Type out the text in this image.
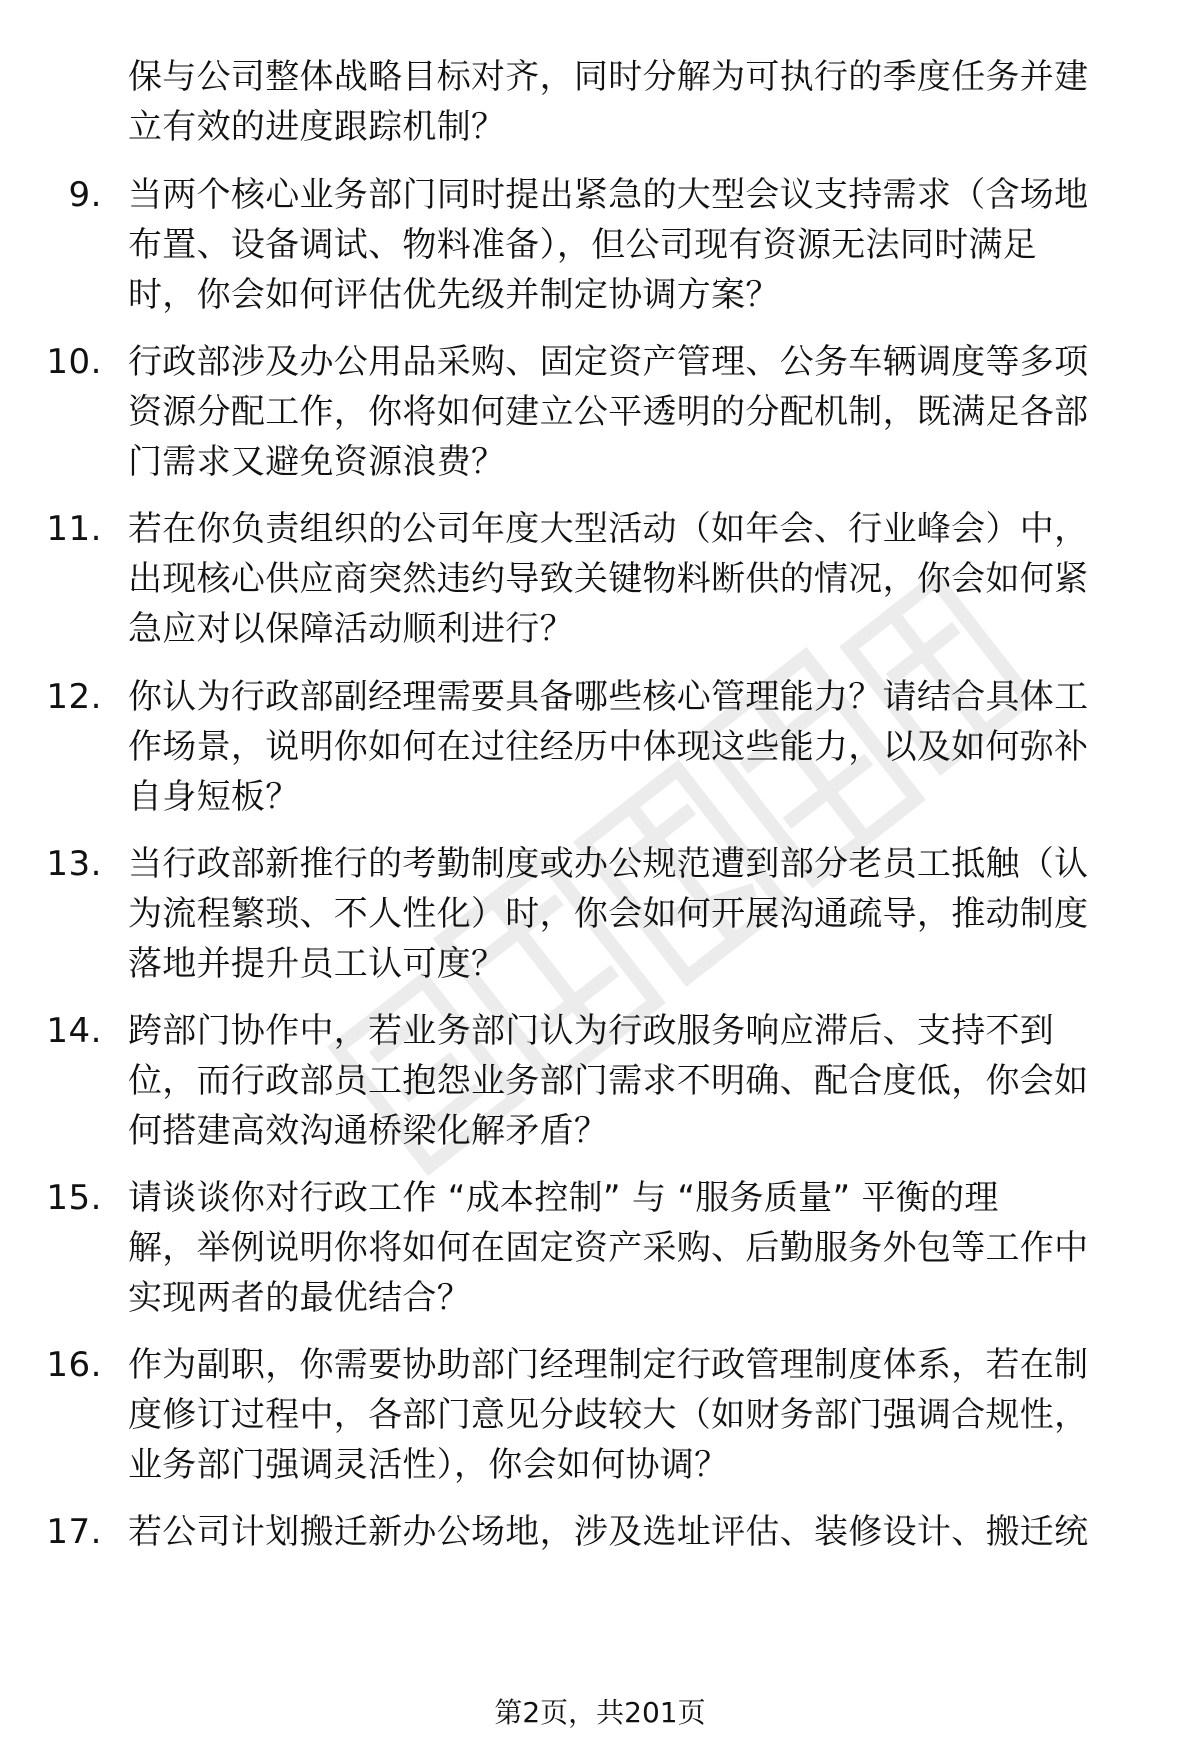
保与公司整体战略目标对齐，同时分解为可执行的季度任务并建
立有效的进度跟踪机制？
9. 当两个核心业务部门同时提出紧急的大型会议支持需求（含场地
布置、设备调试、物料准备），但公司现有资源无法同时满足
时，你会如何评估优先级并制定协调方案？
10. 行政部涉及办公用品采购、固定资产管理、公务车辆调度等多项
资源分配工作，你将如何建立公平透明的分配机制，既满足各部
门需求又避免资源浪费？
11. 若在你负责组织的公司年度大型活动（如年会、行业峰会）中，
出现核心供应商突然违约导致关键物料断供的情况，你会如何紧
急应对以保障活动顺利进行？
12. 你认为行政部副经理需要具备哪些核心管理能力？请结合具体工
作场景，说明你如何在过往经历中体现这些能力，以及如何弥补
自身短板？
13. 当行政部新推行的考勤制度或办公规范遭到部分老员工抵触（认
为流程繁琐、不人性化）时，你会如何开展沟通疏导，推动制度
落地并提升员工认可度？
14. 跨部门协作中，若业务部门认为行政服务响应滞后、支持不到
位，而行政部员工抱怨业务部门需求不明确、配合度低，你会如
何搭建高效沟通桥梁化解矛盾？
15. 请谈谈你对行政工作 “成本控制” 与 “服务质量” 平衡的理
解，举例说明你将如何在固定资产采购、后勤服务外包等工作中
实现两者的最优结合？
16. 作为副职，你需要协助部门经理制定行政管理制度体系，若在制
度修订过程中，各部门意见分歧较大（如财务部门强调合规性，
业务部门强调灵活性），你会如何协调？
17. 若公司计划搬迁新办公场地，涉及选址评估、装修设计、搬迁统
第2页，共201页
